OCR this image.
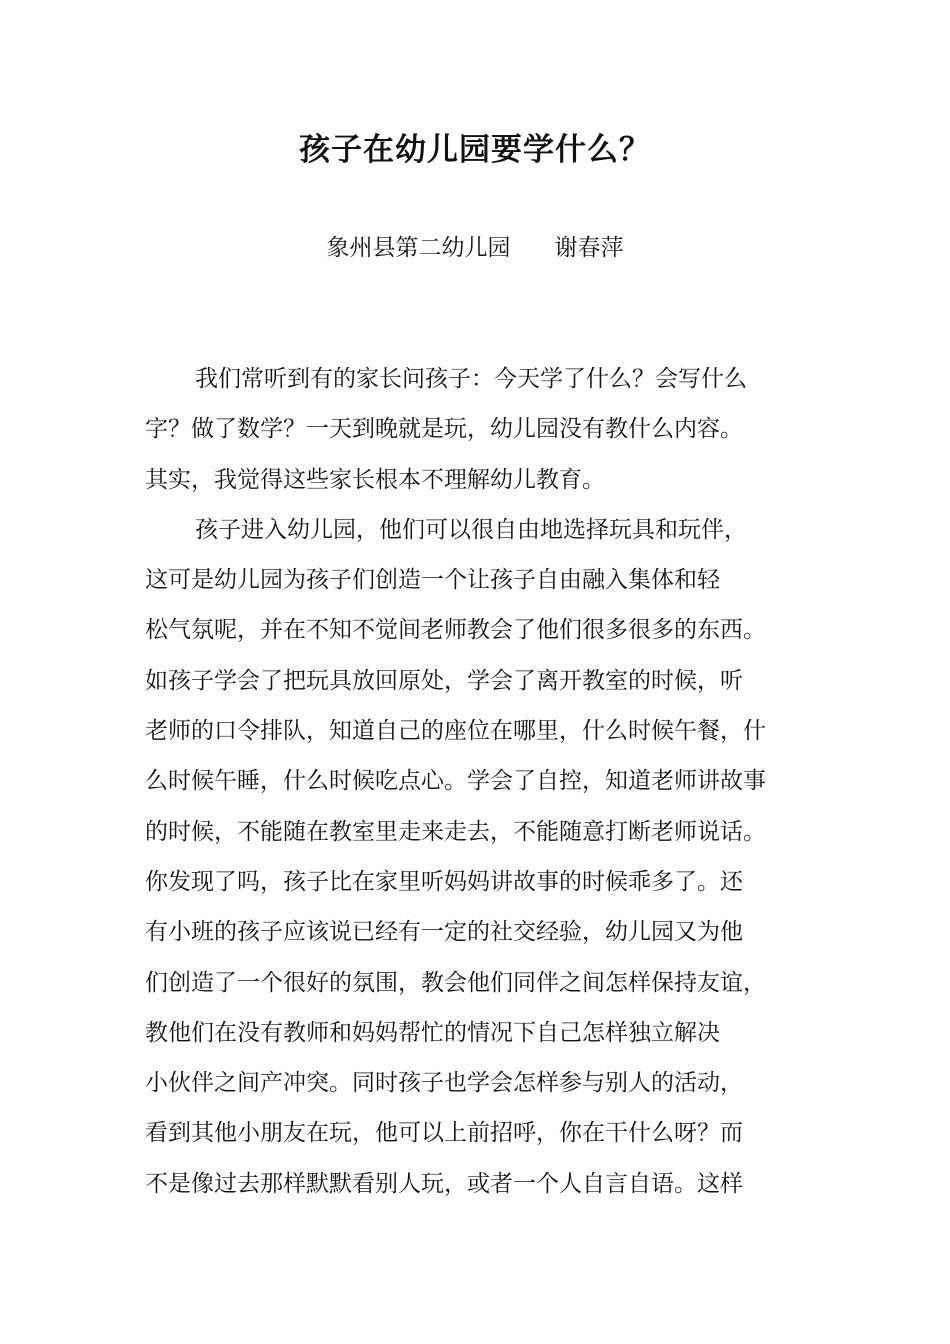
孩子在幼儿园要学什么？
象州县第二幼儿园 谢春萍
我们常听到有的家长问孩子：今天学了什么？会写什么
字？做了数学？一天到晚就是玩，幼儿园没有教什么内容。
其实，我觉得这些家长根本不理解幼儿教育。
孩子进入幼儿园，他们可以很自由地选择玩具和玩伴，
这可是幼儿园为孩子们创造一个让孩子自由融入集体和轻
松气氛呢，并在不知不觉间老师教会了他们很多很多的东西。
如孩子学会了把玩具放回原处，学会了离开教室的时候，听
老师的口令排队，知道自己的座位在哪里，什么时候午餐，什
么时候午睡，什么时候吃点心。学会了自控，知道老师讲故事
的时候，不能随在教室里走来走去，不能随意打断老师说话。
你发现了吗，孩子比在家里听妈妈讲故事的时候乖多了。还
有小班的孩子应该说已经有一定的社交经验，幼儿园又为他
们创造了一个很好的氛围，教会他们同伴之间怎样保持友谊，
教他们在没有教师和妈妈帮忙的情况下自己怎样独立解决
小伙伴之间产冲突。同时孩子也学会怎样参与别人的活动，
看到其他小朋友在玩，他可以上前招呼，你在干什么呀？而
不是像过去那样默默看别人玩，或者一个人自言自语。这样
